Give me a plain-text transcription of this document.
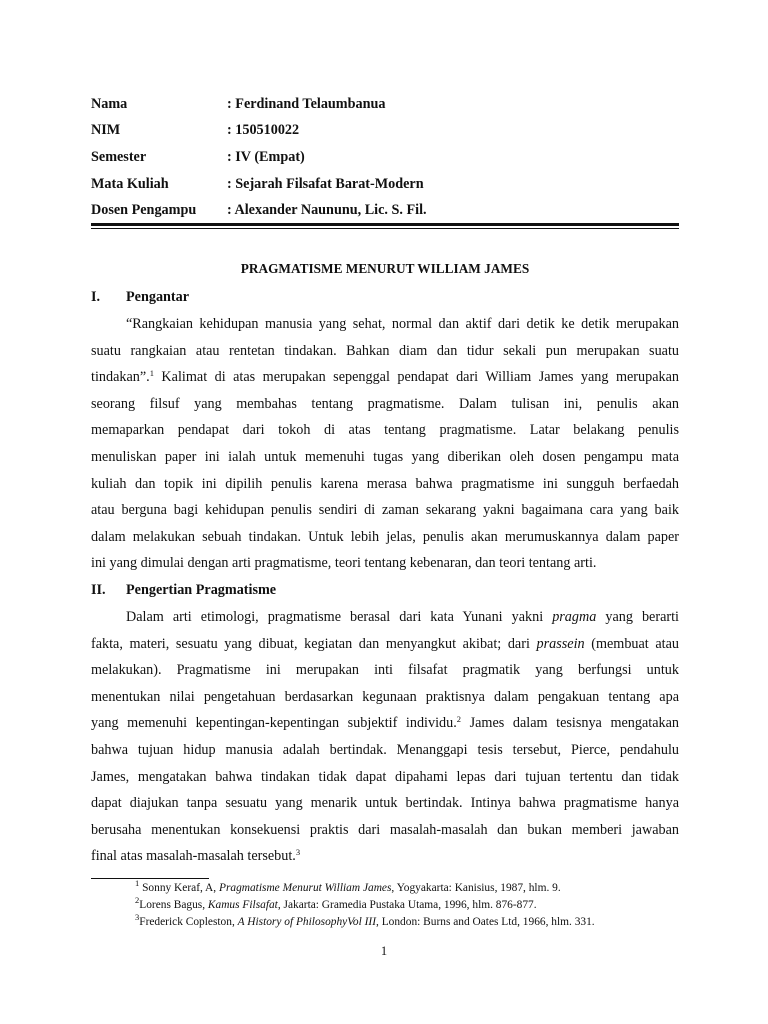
Nama	: Ferdinand Telaumbanua
NIM	: 150510022
Semester	: IV (Empat)
Mata Kuliah	: Sejarah Filsafat Barat-Modern
Dosen Pengampu	: Alexander Naununu, Lic. S. Fil.
PRAGMATISME MENURUT WILLIAM JAMES
I.	Pengantar
“Rangkaian kehidupan manusia yang sehat, normal dan aktif dari detik ke detik merupakan
suatu rangkaian atau rentetan tindakan. Bahkan diam dan tidur sekali pun merupakan suatu
tindakan”.$^1$ Kalimat di atas merupakan sepenggal pendapat dari William James yang merupakan
seorang filsuf yang membahas tentang pragmatisme. Dalam tulisan ini, penulis akan
memaparkan pendapat dari tokoh di atas tentang pragmatisme. Latar belakang penulis
menuliskan paper ini ialah untuk memenuhi tugas yang diberikan oleh dosen pengampu mata
kuliah dan topik ini dipilih penulis karena merasa bahwa pragmatisme ini sungguh berfaedah
atau berguna bagi kehidupan penulis sendiri di zaman sekarang yakni bagaimana cara yang baik
dalam melakukan sebuah tindakan. Untuk lebih jelas, penulis akan merumuskannya dalam paper
ini yang dimulai dengan arti pragmatisme, teori tentang kebenaran, dan teori tentang arti.
II.	Pengertian Pragmatisme
Dalam arti etimologi, pragmatisme berasal dari kata Yunani yakni pragma yang berarti
fakta, materi, sesuatu yang dibuat, kegiatan dan menyangkut akibat; dari prassein (membuat atau
melakukan). Pragmatisme ini merupakan inti filsafat pragmatik yang berfungsi untuk
menentukan nilai pengetahuan berdasarkan kegunaan praktisnya dalam pengakuan tentang apa
yang memenuhi kepentingan-kepentingan subjektif individu.$^2$ James dalam tesisnya mengatakan
bahwa tujuan hidup manusia adalah bertindak. Menanggapi tesis tersebut, Pierce, pendahulu
James, mengatakan bahwa tindakan tidak dapat dipahami lepas dari tujuan tertentu dan tidak
dapat diajukan tanpa sesuatu yang menarik untuk bertindak. Intinya bahwa pragmatisme hanya
berusaha menentukan konsekuensi praktis dari masalah-masalah dan bukan memberi jawaban
final atas masalah-masalah tersebut.$^3$
$^1$ Sonny Keraf, A, Pragmatisme Menurut William James, Yogyakarta: Kanisius, 1987, hlm. 9.
$^2$Lorens Bagus, Kamus Filsafat, Jakarta: Gramedia Pustaka Utama, 1996, hlm. 876-877.
$^3$Frederick Copleston, A History of PhilosophyVol III, London: Burns and Oates Ltd, 1966, hlm. 331.
1
